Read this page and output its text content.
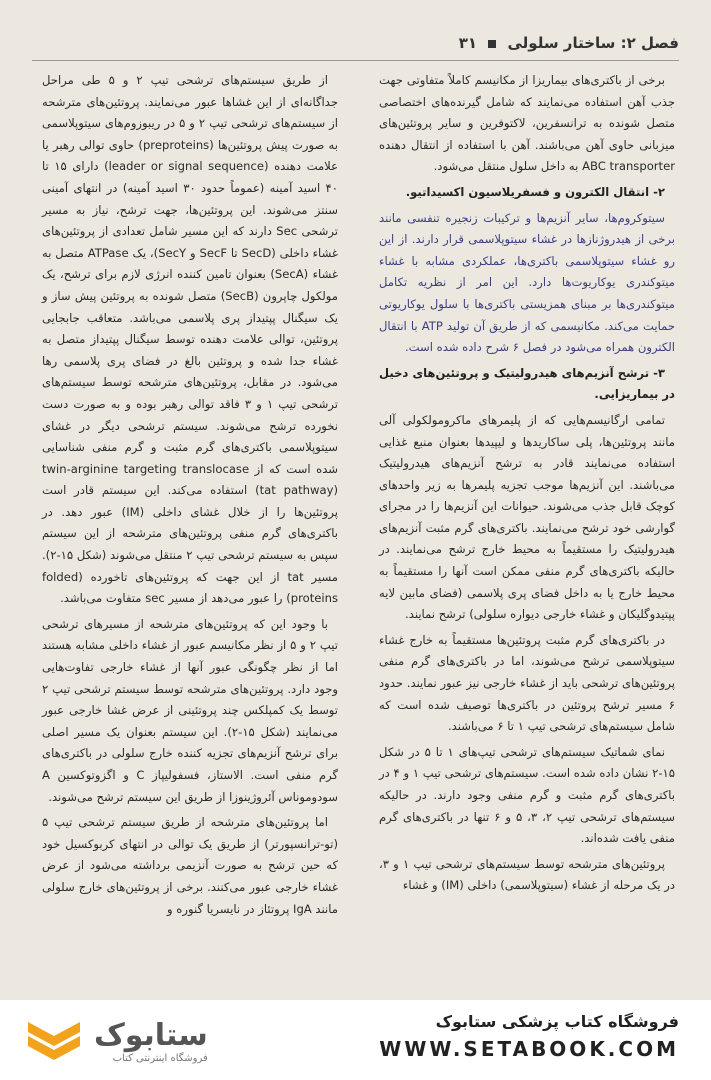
فصل ۲: ساختار سلولی  ۳۱

برخی از باکتری‌های بیماریزا از مکانیسم کاملاً متفاوتی جهت جذب آهن استفاده می‌نمایند که شامل گیرنده‌های اختصاصی متصل شونده به ترانسفرین، لاکتوفرین و سایر پروتئین‌های میزبانی حاوی آهن می‌باشند. آهن با استفاده از انتقال دهنده ABC transporter به داخل سلول منتقل می‌شود.

۲- انتقال الکترون و فسفریلاسیون اکسیداتیو.

سیتوکروم‌ها، سایر آنزیم‌ها و ترکیبات زنجیره تنفسی مانند برخی از هیدروژنازها در غشاء سیتوپلاسمی قرار دارند. از این رو غشاء سیتوپلاسمی باکتری‌ها، عملکردی مشابه با غشاء میتوکندری یوکاریوت‌ها دارد. این امر از نظریه تکامل میتوکندری‌ها بر مبنای همزیستی باکتری‌ها با سلول یوکاریوتی حمایت می‌کند. مکانیسمی که از طریق آن تولید ATP با انتقال الکترون همراه می‌شود در فصل ۶ شرح داده شده است.

۳- ترشح آنزیم‌های هیدرولیتیک و پروتئین‌های دخیل در بیماریزایی.

تمامی ارگانیسم‌هایی که از پلیمرهای ماکرومولکولی آلی مانند پروتئین‌ها، پلی ساکاریدها و لیپیدها بعنوان منبع غذایی استفاده می‌نمایند قادر به ترشح آنزیم‌های هیدرولیتیک می‌باشند. این آنزیم‌ها موجب تجزیه پلیمرها به زیر واحدهای کوچک قابل جذب می‌شوند. حیوانات این آنزیم‌ها را در مجرای گوارشی خود ترشح می‌نمایند. باکتری‌های گرم مثبت آنزیم‌های هیدرولیتیک را مستقیماً به محیط خارج ترشح می‌نمایند. در حالیکه باکتری‌های گرم منفی ممکن است آنها را مستقیماً به محیط خارج یا به داخل فضای پری پلاسمی (فضای مابین لایه پپتیدوگلیکان و غشاء خارجی دیواره سلولی) ترشح نمایند.

در باکتری‌های گرم مثبت پروتئین‌ها مستقیماً به خارج غشاء سیتوپلاسمی ترشح می‌شوند، اما در باکتری‌های گرم منفی پروتئین‌های ترشحی باید از غشاء خارجی نیز عبور نمایند. حدود ۶ مسیر ترشح پروتئین در باکتری‌ها توصیف شده است که شامل سیستم‌های ترشحی تیپ ۱ تا ۶ می‌باشند.

نمای شماتیک سیستم‌های ترشحی تیپ‌های ۱ تا ۵ در شکل ۱۵-۲ نشان داده شده است. سیستم‌های ترشحی تیپ ۱ و ۴ در باکتری‌های گرم مثبت و گرم منفی وجود دارند. در حالیکه سیستم‌های ترشحی تیپ ۲، ۳، ۵ و ۶ تنها در باکتری‌های گرم منفی یافت شده‌اند.

پروتئین‌های مترشحه توسط سیستم‌های ترشحی تیپ ۱ و ۳، در یک مرحله از غشاء (سیتوپلاسمی) داخلی (IM) و غشاء

از طریق سیستم‌های ترشحی تیپ ۲ و ۵ طی مراحل جداگانه‌ای از این غشاها عبور می‌نمایند. پروتئین‌های مترشحه از سیستم‌های ترشحی تیپ ۲ و ۵ در ریبوزوم‌های سیتوپلاسمی به صورت پیش پروتئین‌ها (preproteins) حاوی توالی رهبر یا علامت دهنده (leader or signal sequence) دارای ۱۵ تا ۴۰ اسید آمینه (عموماً حدود ۳۰ اسید آمینه) در انتهای آمینی سنتز می‌شوند. این پروتئین‌ها، جهت ترشح، نیاز به مسیر ترشحی Sec دارند که این مسیر شامل تعدادی از پروتئین‌های غشاء داخلی (SecD تا SecF و SecY)، یک ATPase متصل به غشاء (SecA) بعنوان تامین کننده انرژی لازم برای ترشح، یک مولکول چاپرون (SecB) متصل شونده به پروتئین پیش ساز و یک سیگنال پپتیداز پری پلاسمی می‌باشد. متعاقب جابجایی پروتئین، توالی علامت دهنده توسط سیگنال پپتیداز متصل به غشاء جدا شده و پروتئین بالغ در فضای پری پلاسمی رها می‌شود. در مقابل، پروتئین‌های مترشحه توسط سیستم‌های ترشحی تیپ ۱ و ۳ فاقد توالی رهبر بوده و به صورت دست نخورده ترشح می‌شوند. سیستم ترشحی دیگر در غشای سیتوپلاسمی باکتری‌های گرم مثبت و گرم منفی شناسایی شده است که از twin-arginine targeting translocase (tat pathway) استفاده می‌کند. این سیستم قادر است پروتئین‌ها را از خلال غشای داخلی (IM) عبور دهد. در باکتری‌های گرم منفی پروتئین‌های مترشحه از این سیستم سپس به سیستم ترشحی تیپ ۲ منتقل می‌شوند (شکل ۱۵-۲). مسیر tat از این جهت که پروتئین‌های تاخورده (folded proteins) را عبور می‌دهد از مسیر sec متفاوت می‌باشد.

با وجود این که پروتئین‌های مترشحه از مسیرهای ترشحی تیپ ۲ و ۵ از نظر مکانیسم عبور از غشاء داخلی مشابه هستند اما از نظر چگونگی عبور آنها از غشاء خارجی تفاوت‌هایی وجود دارد. پروتئین‌های مترشحه توسط سیستم ترشحی تیپ ۲ توسط یک کمپلکس چند پروتئینی از عرض غشا خارجی عبور می‌نمایند (شکل ۱۵-۲). این سیستم بعنوان یک مسیر اصلی برای ترشح آنزیم‌های تجزیه کننده خارج سلولی در باکتری‌های گرم منفی است. الاستاز، فسفولیپاز C و اگزوتوکسین A سودوموناس آئروژینوزا از طریق این سیستم ترشح می‌شوند.

اما پروتئین‌های مترشحه از طریق سیستم ترشحی تیپ ۵ (تو-ترانسپورتر) از طریق یک توالی در انتهای کربوکسیل خود که حین ترشح به صورت آنزیمی برداشته می‌شود از عرض غشاء خارجی عبور می‌کنند. برخی از پروتئین‌های خارج سلولی مانند IgA پروتئاز در نایسریا گنوره و

ستابوک
فروشگاه اینترنتی کتاب
فروشگاه کتاب پزشکی ستابوک
WWW.SETABOOK.COM
